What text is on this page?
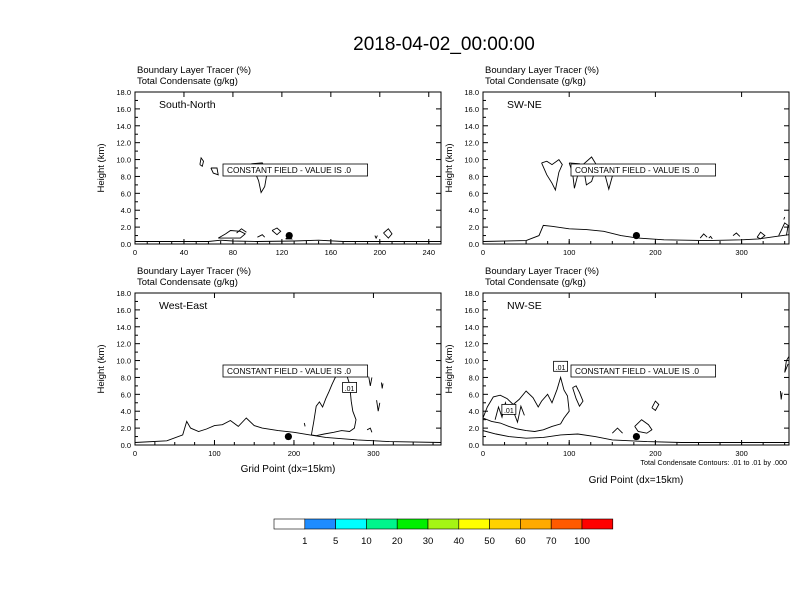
2018-04-02_00:00:00
Boundary Layer Tracer (%)
Total Condensate (g/kg)
0.0
2.0
4.0
6.0
8.0
10.0
12.0
14.0
16.0
18.0
0	40	80	120	160	200	240
Height (km)
South-North
CONSTANT FIELD - VALUE IS .0
Boundary Layer Tracer (%)
Total Condensate (g/kg)
0.0
2.0
4.0
6.0
8.0
10.0
12.0
14.0
16.0
18.0
0	100	200	300
Height (km)
SW-NE
CONSTANT FIELD - VALUE IS .0
Boundary Layer Tracer (%)
Total Condensate (g/kg)
0.0
2.0
4.0
6.0
8.0
10.0
12.0
14.0
16.0
18.0
0	100	200	300
Height (km)
Grid Point (dx=15km)
West-East
CONSTANT FIELD - VALUE IS .0
.01
Boundary Layer Tracer (%)
Total Condensate (g/kg)
0.0
2.0
4.0
6.0
8.0
10.0
12.0
14.0
16.0
18.0
0	100	200	300
Height (km)
Grid Point (dx=15km)
NW-SE
CONSTANT FIELD - VALUE IS .0
.01
.01
Total Condensate Contours: .01 to .01 by .000
1	5 10 20 30 40 50 60 70 100
